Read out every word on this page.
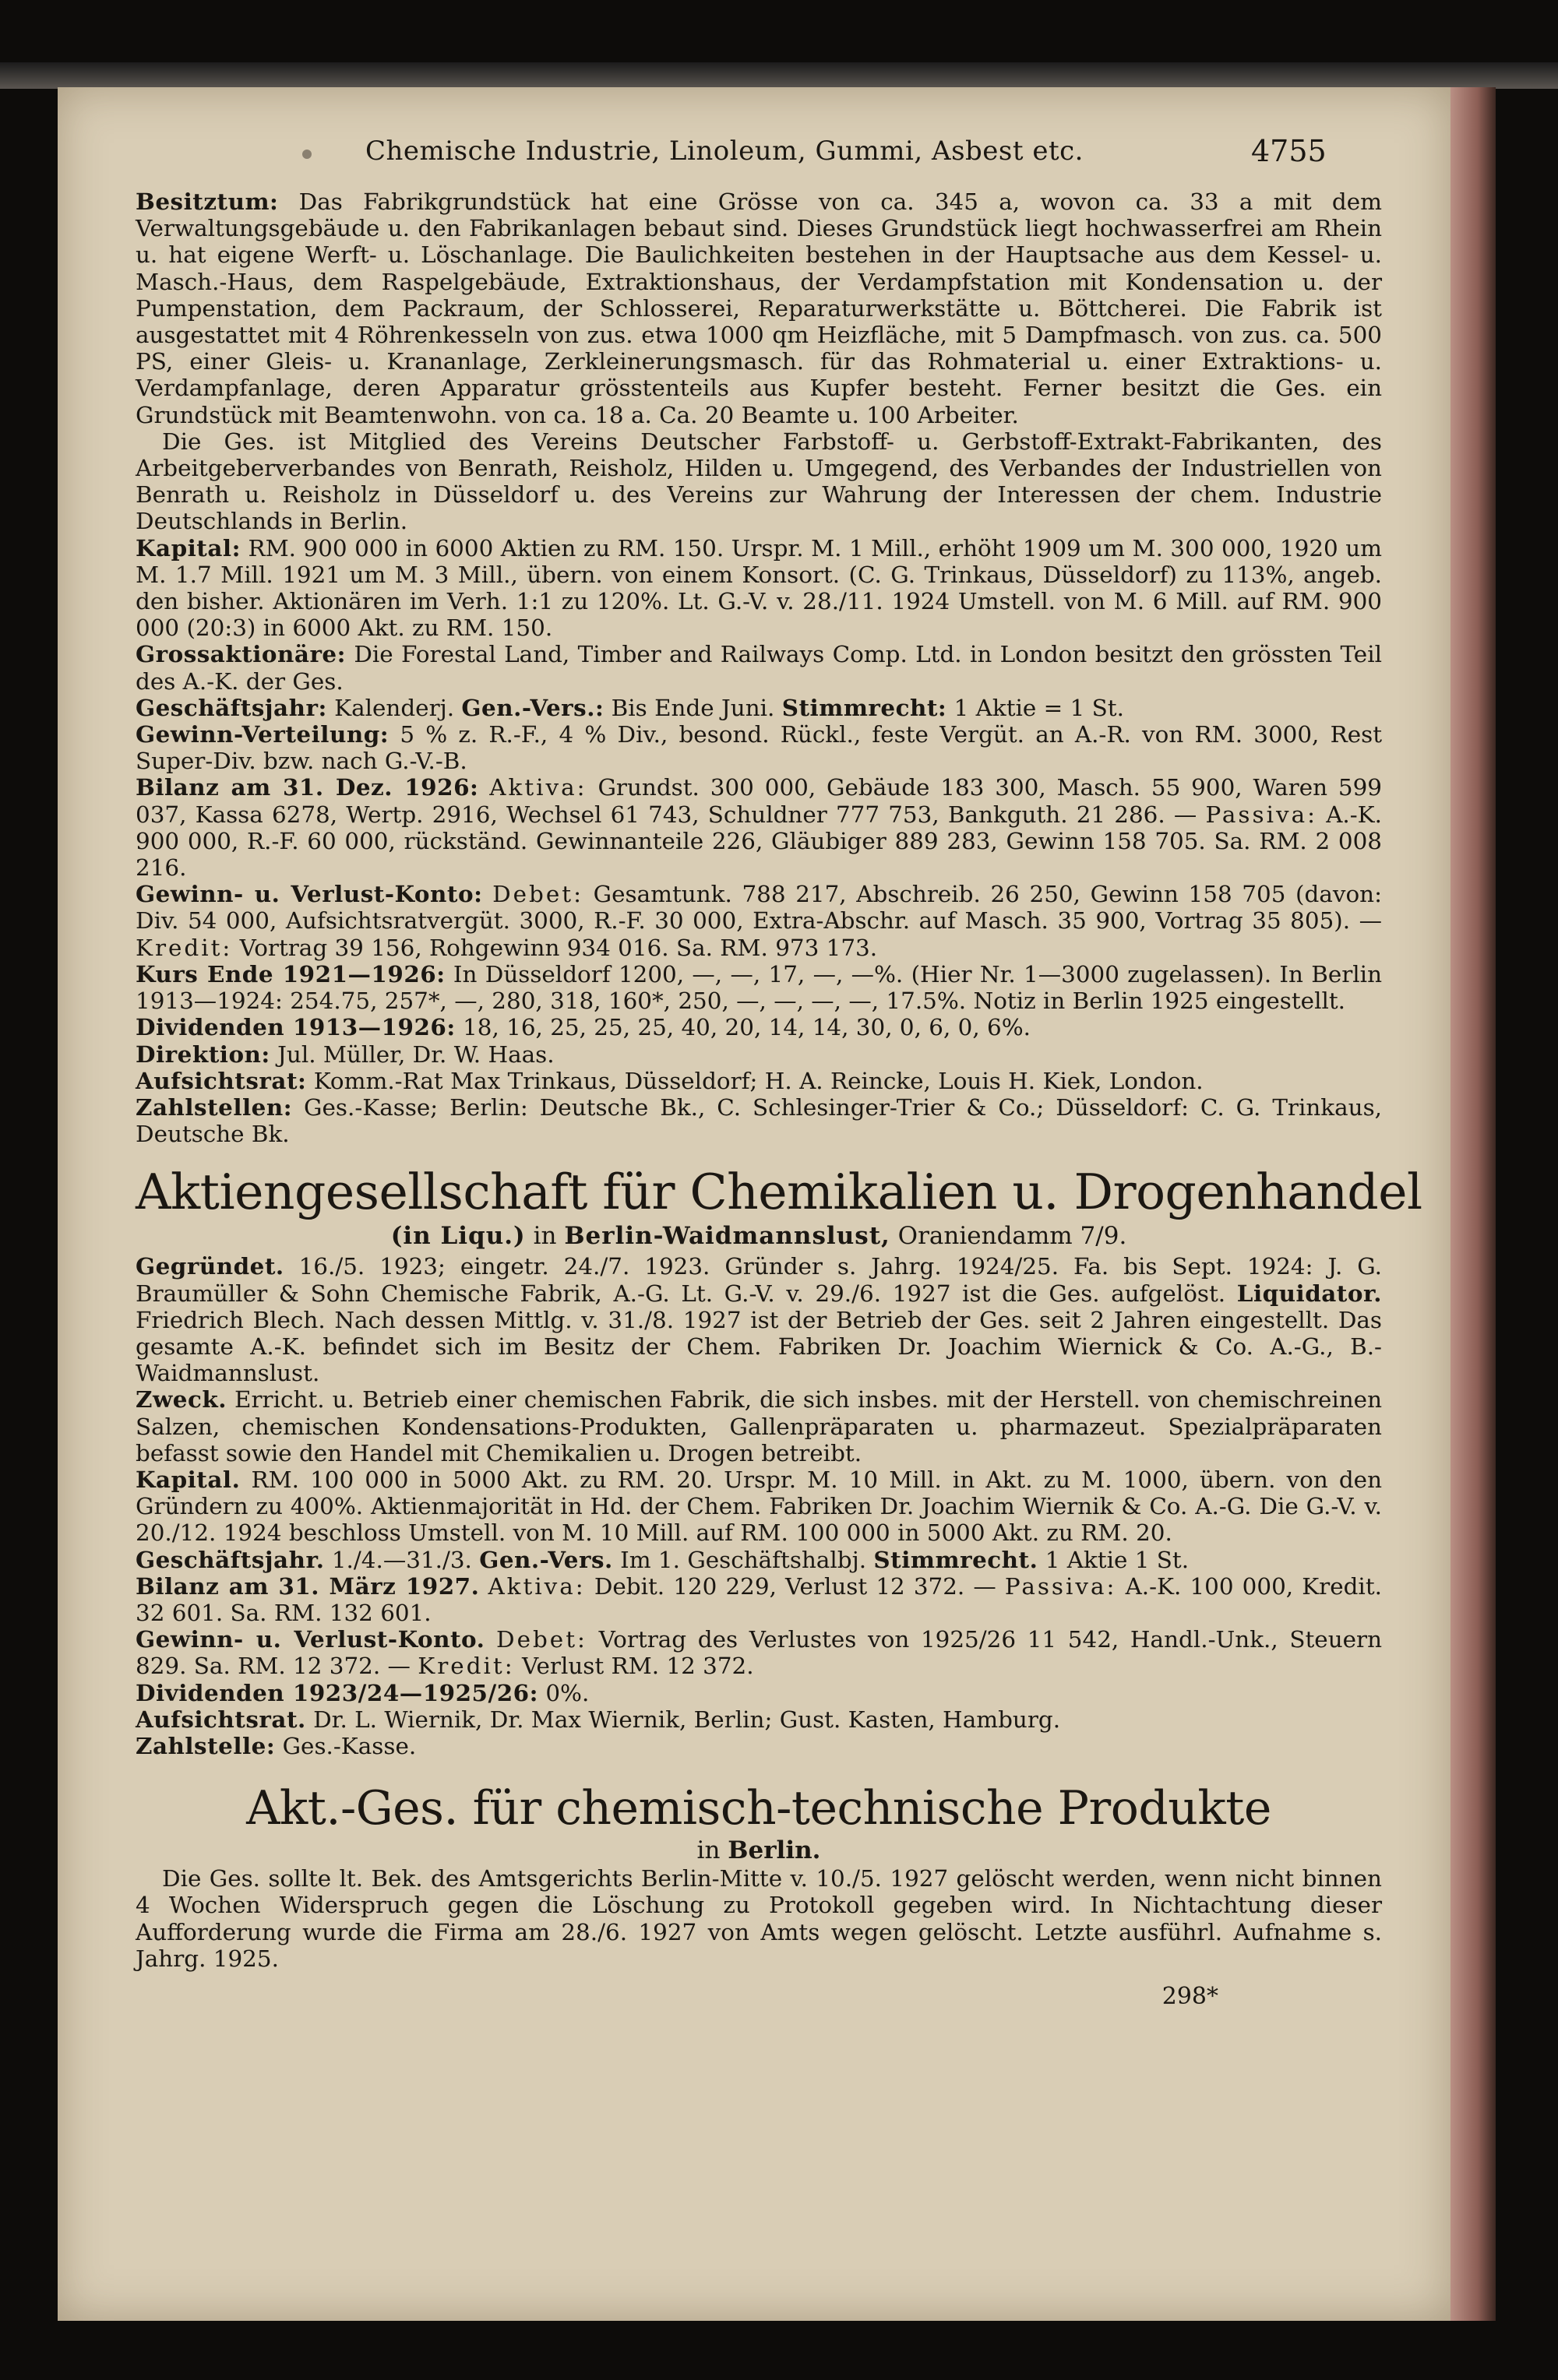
Chemische Industrie, Linoleum, Gummi, Asbest etc.	4755

Besitztum: Das Fabrikgrundstück hat eine Grösse von ca. 345 a, wovon ca. 33 a mit dem Verwaltungsgebäude u. den Fabrikanlagen bebaut sind. Dieses Grundstück liegt hochwasserfrei am Rhein u. hat eigene Werft- u. Löschanlage. Die Baulichkeiten bestehen in der Hauptsache aus dem Kessel- u. Masch.-Haus, dem Raspelgebäude, Extraktionshaus, der Verdampfstation mit Kondensation u. der Pumpenstation, dem Packraum, der Schlosserei, Reparaturwerkstätte u. Böttcherei. Die Fabrik ist ausgestattet mit 4 Röhrenkesseln von zus. etwa 1000 qm Heizfläche, mit 5 Dampfmasch. von zus. ca. 500 PS, einer Gleis- u. Krananlage, Zerkleinerungsmasch. für das Rohmaterial u. einer Extraktions- u. Verdampfanlage, deren Apparatur grösstenteils aus Kupfer besteht. Ferner besitzt die Ges. ein Grundstück mit Beamtenwohn. von ca. 18 a. Ca. 20 Beamte u. 100 Arbeiter.

Die Ges. ist Mitglied des Vereins Deutscher Farbstoff- u. Gerbstoff-Extrakt-Fabrikanten, des Arbeitgeberverbandes von Benrath, Reisholz, Hilden u. Umgegend, des Verbandes der Industriellen von Benrath u. Reisholz in Düsseldorf u. des Vereins zur Wahrung der Interessen der chem. Industrie Deutschlands in Berlin.

Kapital: RM. 900 000 in 6000 Aktien zu RM. 150. Urspr. M. 1 Mill., erhöht 1909 um M. 300 000, 1920 um M. 1.7 Mill. 1921 um M. 3 Mill., übern. von einem Konsort. (C. G. Trinkaus, Düsseldorf) zu 113%, angeb. den bisher. Aktionären im Verh. 1:1 zu 120%. Lt. G.-V. v. 28./11. 1924 Umstell. von M. 6 Mill. auf RM. 900 000 (20:3) in 6000 Akt. zu RM. 150.

Grossaktionäre: Die Forestal Land, Timber and Railways Comp. Ltd. in London besitzt den grössten Teil des A.-K. der Ges.

Geschäftsjahr: Kalenderj. Gen.-Vers.: Bis Ende Juni. Stimmrecht: 1 Aktie = 1 St.

Gewinn-Verteilung: 5 % z. R.-F., 4 % Div., besond. Rückl., feste Vergüt. an A.-R. von RM. 3000, Rest Super-Div. bzw. nach G.-V.-B.

Bilanz am 31. Dez. 1926: Aktiva: Grundst. 300 000, Gebäude 183 300, Masch. 55 900, Waren 599 037, Kassa 6278, Wertp. 2916, Wechsel 61 743, Schuldner 777 753, Bankguth. 21 286. — Passiva: A.-K. 900 000, R.-F. 60 000, rückständ. Gewinnanteile 226, Gläubiger 889 283, Gewinn 158 705. Sa. RM. 2 008 216.

Gewinn- u. Verlust-Konto: Debet: Gesamtunk. 788 217, Abschreib. 26 250, Gewinn 158 705 (davon: Div. 54 000, Aufsichtsratvergüt. 3000, R.-F. 30 000, Extra-Abschr. auf Masch. 35 900, Vortrag 35 805). — Kredit: Vortrag 39 156, Rohgewinn 934 016. Sa. RM. 973 173.

Kurs Ende 1921—1926: In Düsseldorf 1200, —, —, 17, —, —%. (Hier Nr. 1—3000 zugelassen). In Berlin 1913—1924: 254.75, 257*, —, 280, 318, 160*, 250, —, —, —, —, 17.5%. Notiz in Berlin 1925 eingestellt.

Dividenden 1913—1926: 18, 16, 25, 25, 25, 40, 20, 14, 14, 30, 0, 6, 0, 6%.

Direktion: Jul. Müller, Dr. W. Haas.

Aufsichtsrat: Komm.-Rat Max Trinkaus, Düsseldorf; H. A. Reincke, Louis H. Kiek, London.

Zahlstellen: Ges.-Kasse; Berlin: Deutsche Bk., C. Schlesinger-Trier & Co.; Düsseldorf: C. G. Trinkaus, Deutsche Bk.

Aktiengesellschaft für Chemikalien u. Drogenhandel
(in Liqu.) in Berlin-Waidmannslust, Oraniendamm 7/9.

Gegründet. 16./5. 1923; eingetr. 24./7. 1923. Gründer s. Jahrg. 1924/25. Fa. bis Sept. 1924: J. G. Braumüller & Sohn Chemische Fabrik, A.-G. Lt. G.-V. v. 29./6. 1927 ist die Ges. aufgelöst. Liquidator. Friedrich Blech. Nach dessen Mittlg. v. 31./8. 1927 ist der Betrieb der Ges. seit 2 Jahren eingestellt. Das gesamte A.-K. befindet sich im Besitz der Chem. Fabriken Dr. Joachim Wiernick & Co. A.-G., B.-Waidmannslust.

Zweck. Erricht. u. Betrieb einer chemischen Fabrik, die sich insbes. mit der Herstell. von chemischreinen Salzen, chemischen Kondensations-Produkten, Gallenpräparaten u. pharmazeut. Spezialpräparaten befasst sowie den Handel mit Chemikalien u. Drogen betreibt.

Kapital. RM. 100 000 in 5000 Akt. zu RM. 20. Urspr. M. 10 Mill. in Akt. zu M. 1000, übern. von den Gründern zu 400%. Aktienmajorität in Hd. der Chem. Fabriken Dr. Joachim Wiernik & Co. A.-G. Die G.-V. v. 20./12. 1924 beschloss Umstell. von M. 10 Mill. auf RM. 100 000 in 5000 Akt. zu RM. 20.

Geschäftsjahr. 1./4.—31./3. Gen.-Vers. Im 1. Geschäftshalbj. Stimmrecht. 1 Aktie 1 St.

Bilanz am 31. März 1927. Aktiva: Debit. 120 229, Verlust 12 372. — Passiva: A.-K. 100 000, Kredit. 32 601. Sa. RM. 132 601.

Gewinn- u. Verlust-Konto. Debet: Vortrag des Verlustes von 1925/26 11 542, Handl.-Unk., Steuern 829. Sa. RM. 12 372. — Kredit: Verlust RM. 12 372.

Dividenden 1923/24—1925/26: 0%.

Aufsichtsrat. Dr. L. Wiernik, Dr. Max Wiernik, Berlin; Gust. Kasten, Hamburg.

Zahlstelle: Ges.-Kasse.

Akt.-Ges. für chemisch-technische Produkte
in Berlin.

Die Ges. sollte lt. Bek. des Amtsgerichts Berlin-Mitte v. 10./5. 1927 gelöscht werden, wenn nicht binnen 4 Wochen Widerspruch gegen die Löschung zu Protokoll gegeben wird. In Nichtachtung dieser Aufforderung wurde die Firma am 28./6. 1927 von Amts wegen gelöscht. Letzte ausführl. Aufnahme s. Jahrg. 1925.

298*
